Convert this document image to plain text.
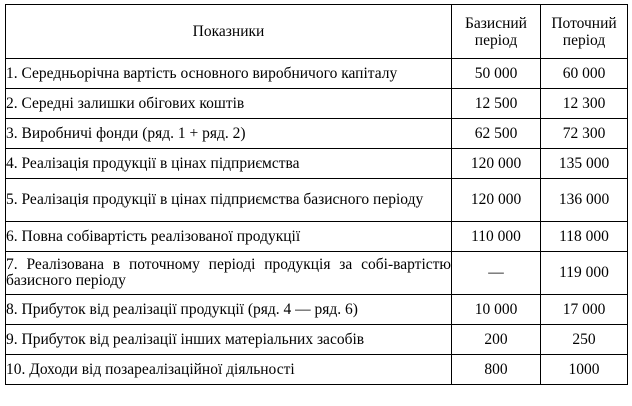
Показники	Базисний період	Поточний період
1. Середньорічна вартість основного виробничого капіталу	50 000	60 000
2. Середні залишки обігових коштів	12 500	12 300
3. Виробничі фонди (ряд. 1 + ряд. 2)	62 500	72 300
4. Реалізація продукції в цінах підприємства	120 000	135 000
5. Реалізація продукції в цінах підприємства базисного періоду	120 000	136 000
6. Повна собівартість реалізованої продукції	110 000	118 000
7. Реалізована в поточному періоді продукція за собі-вартістю базисного періоду	—	119 000
8. Прибуток від реалізації продукції (ряд. 4 — ряд. 6)	10 000	17 000
9. Прибуток від реалізації інших матеріальних засобів	200	250
10. Доходи від позареалізаційної діяльності	800	1000
